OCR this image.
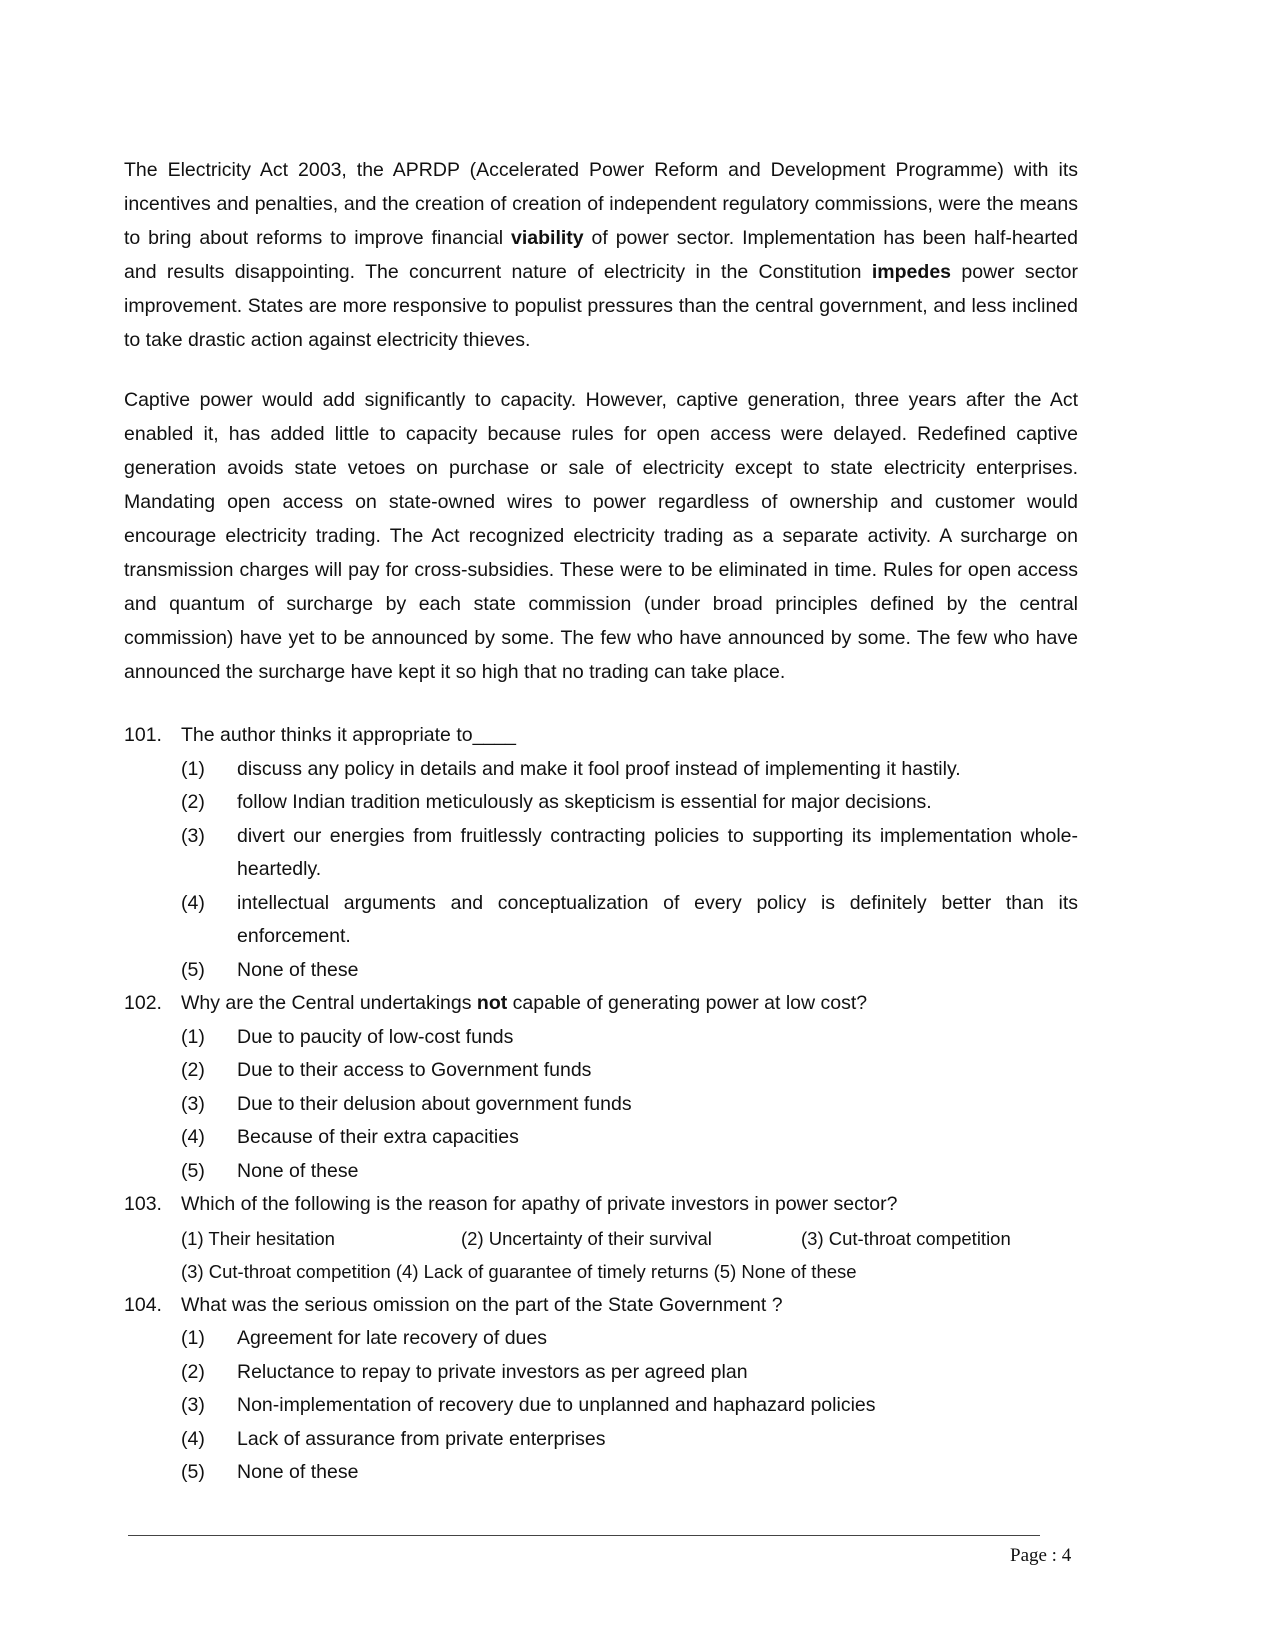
The Electricity Act 2003, the APRDP (Accelerated Power Reform and Development Programme) with its incentives and penalties, and the creation of creation of independent regulatory commissions, were the means to bring about reforms to improve financial viability of power sector. Implementation has been half-hearted and results disappointing. The concurrent nature of electricity in the Constitution impedes power sector improvement. States are more responsive to populist pressures than the central government, and less inclined to take drastic action against electricity thieves.

Captive power would add significantly to capacity. However, captive generation, three years after the Act enabled it, has added little to capacity because rules for open access were delayed. Redefined captive generation avoids state vetoes on purchase or sale of electricity except to state electricity enterprises. Mandating open access on state-owned wires to power regardless of ownership and customer would encourage electricity trading. The Act recognized electricity trading as a separate activity. A surcharge on transmission charges will pay for cross-subsidies. These were to be eliminated in time. Rules for open access and quantum of surcharge by each state commission (under broad principles defined by the central commission) have yet to be announced by some. The few who have announced by some. The few who have announced the surcharge have kept it so high that no trading can take place.

101. The author thinks it appropriate to____
(1)	discuss any policy in details and make it fool proof instead of implementing it hastily.
(2)	follow Indian tradition meticulously as skepticism is essential for major decisions.
(3)	divert our energies from fruitlessly contracting policies to supporting its implementation whole-heartedly.
(4)	intellectual arguments and conceptualization of every policy is definitely better than its enforcement.
(5)	None of these
102. Why are the Central undertakings not capable of generating power at low cost?
(1)	Due to paucity of low-cost funds
(2)	Due to their access to Government funds
(3)	Due to their delusion about government funds
(4)	Because of their extra capacities
(5)	None of these
103. Which of the following is the reason for apathy of private investors in power sector?
(1) Their hesitation	(2) Uncertainty of their survival	(3) Cut-throat competition
(3) Cut-throat competition (4) Lack of guarantee of timely returns (5) None of these
104. What was the serious omission on the part of the State Government ?
(1)	Agreement for late recovery of dues
(2)	Reluctance to repay to private investors as per agreed plan
(3)	Non-implementation of recovery due to unplanned and haphazard policies
(4)	Lack of assurance from private enterprises
(5)	None of these
Page : 4
